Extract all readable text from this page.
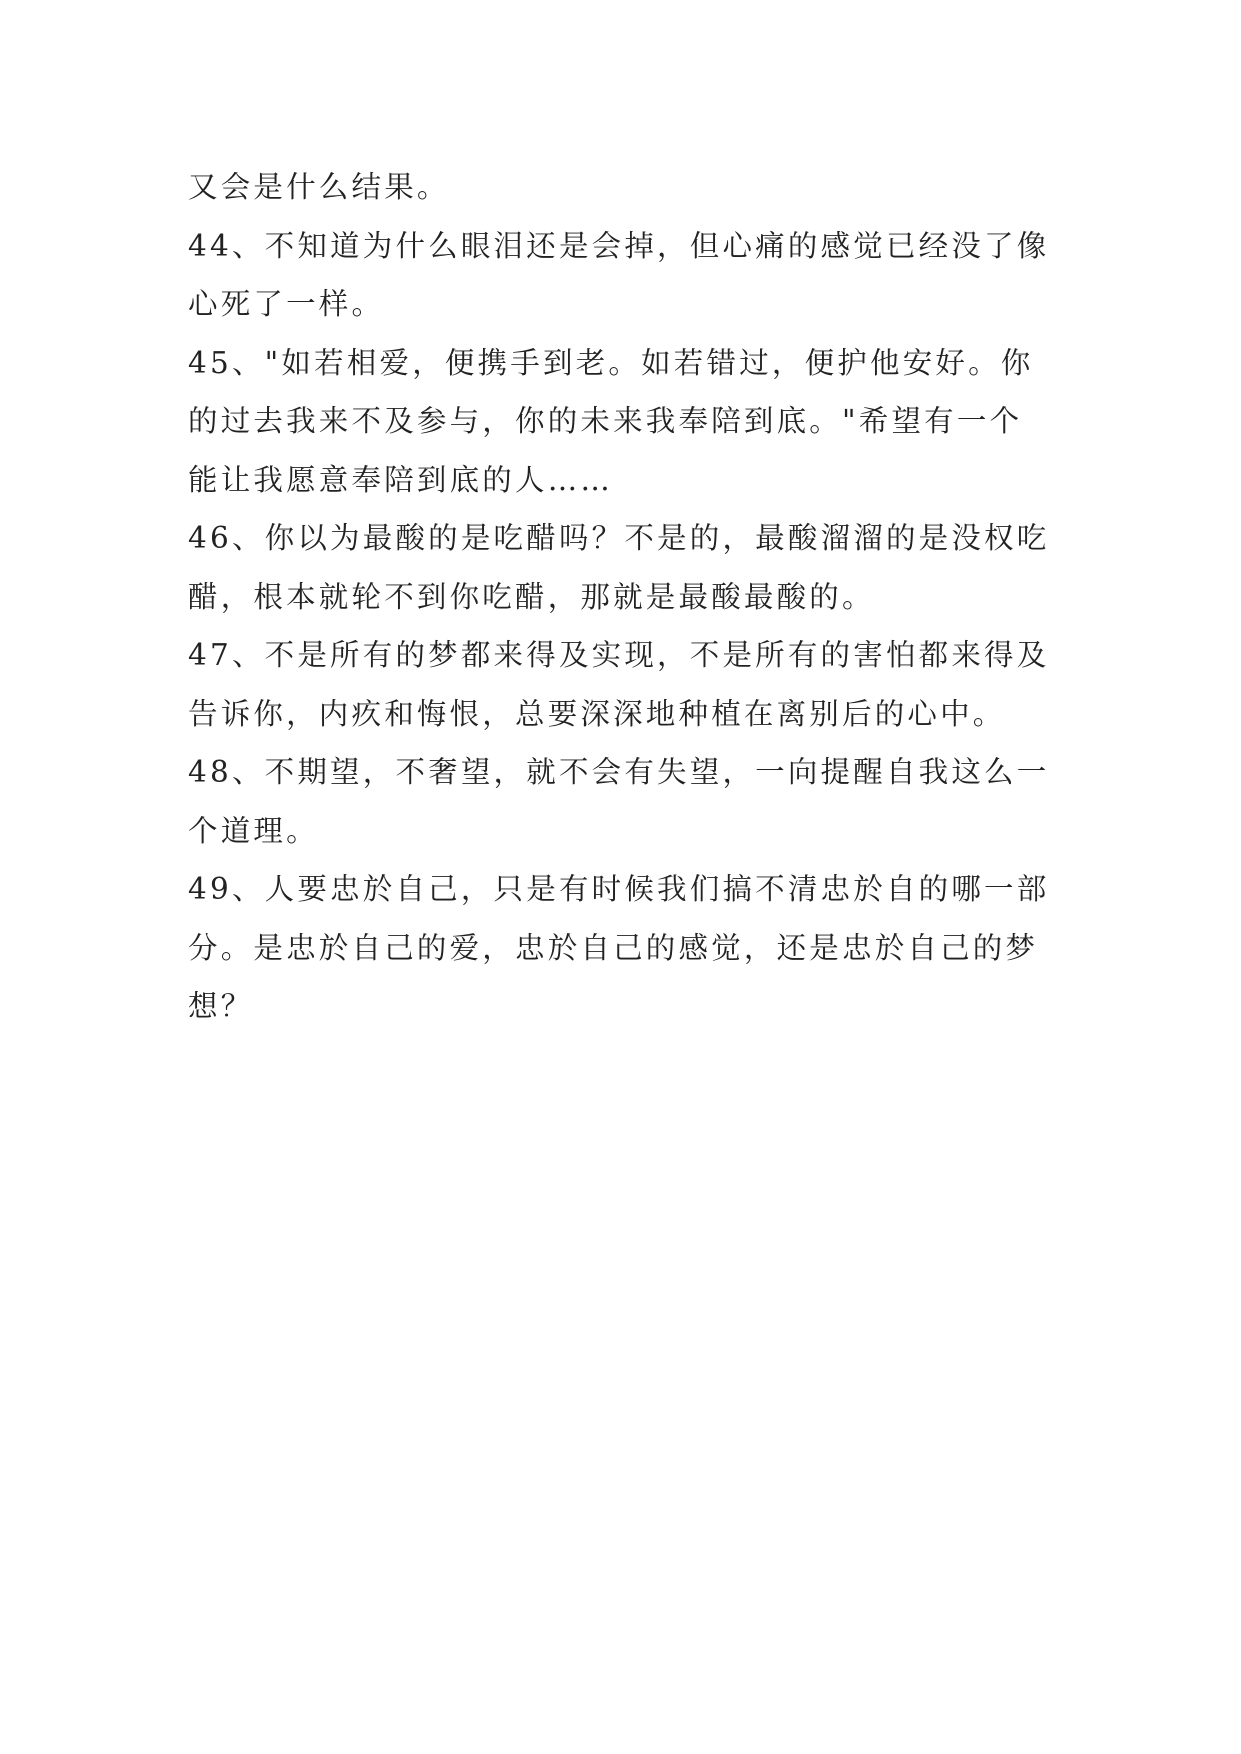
又会是什么结果。
44、不知道为什么眼泪还是会掉，但心痛的感觉已经没了像
心死了一样。
45、"如若相爱，便携手到老。如若错过，便护他安好。你
的过去我来不及参与，你的未来我奉陪到底。"希望有一个
能让我愿意奉陪到底的人……
46、你以为最酸的是吃醋吗？不是的，最酸溜溜的是没权吃
醋，根本就轮不到你吃醋，那就是最酸最酸的。
47、不是所有的梦都来得及实现，不是所有的害怕都来得及
告诉你，内疚和悔恨，总要深深地种植在离别后的心中。
48、不期望，不奢望，就不会有失望，一向提醒自我这么一
个道理。
49、人要忠於自己，只是有时候我们搞不清忠於自的哪一部
分。是忠於自己的爱，忠於自己的感觉，还是忠於自己的梦
想？
